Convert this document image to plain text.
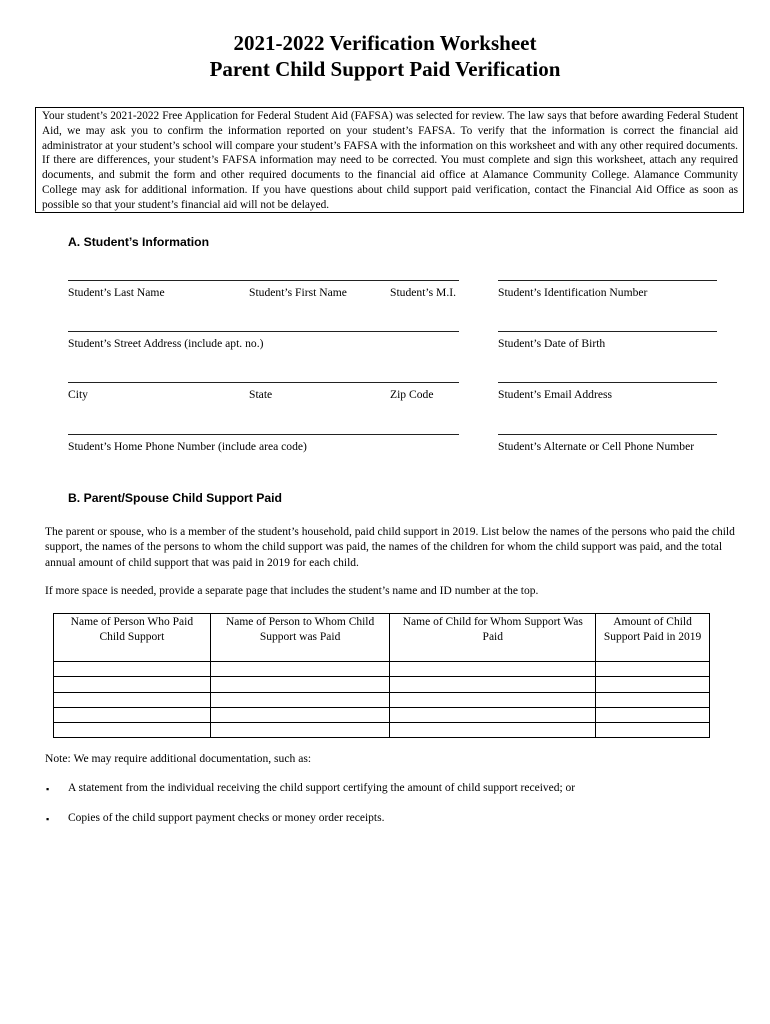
2021-2022 Verification Worksheet
Parent Child Support Paid Verification
Your student’s 2021-2022 Free Application for Federal Student Aid (FAFSA) was selected for review. The law says that before awarding Federal Student Aid, we may ask you to confirm the information reported on your student’s FAFSA. To verify that the information is correct the financial aid administrator at your student’s school will compare your student’s FAFSA with the information on this worksheet and with any other required documents. If there are differences, your student’s FAFSA information may need to be corrected. You must complete and sign this worksheet, attach any required documents, and submit the form and other required documents to the financial aid office at Alamance Community College. Alamance Community College may ask for additional information. If you have questions about child support paid verification, contact the Financial Aid Office as soon as possible so that your student’s financial aid will not be delayed.
A. Student’s Information
Student’s Last Name	Student’s First Name	Student’s M.I.	Student’s Identification Number
Student’s Street Address (include apt. no.)	Student’s Date of Birth
City	State	Zip Code	Student’s Email Address
Student’s Home Phone Number (include area code)	Student’s Alternate or Cell Phone Number
B. Parent/Spouse Child Support Paid
The parent or spouse, who is a member of the student’s household, paid child support in 2019. List below the names of the persons who paid the child support, the names of the persons to whom the child support was paid, the names of the children for whom the child support was paid, and the total annual amount of child support that was paid in 2019 for each child.
If more space is needed, provide a separate page that includes the student’s name and ID number at the top.
Name of Person Who Paid Child Support	Name of Person to Whom Child Support was Paid	Name of Child for Whom Support Was Paid	Amount of Child Support Paid in 2019

Note: We may require additional documentation, such as:
▪ A statement from the individual receiving the child support certifying the amount of child support received; or
▪ Copies of the child support payment checks or money order receipts.
